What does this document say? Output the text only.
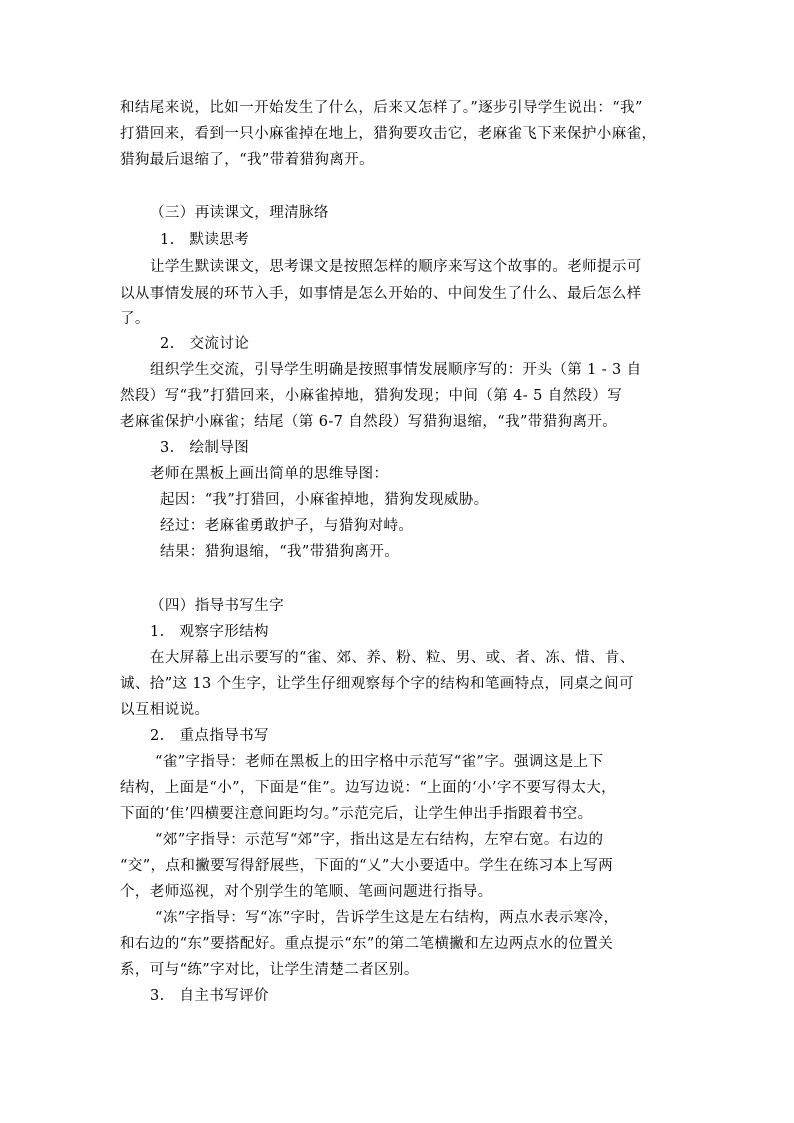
和结尾来说，比如一开始发生了什么，后来又怎样了。”逐步引导学生说出：“我”
打猎回来，看到一只小麻雀掉在地上，猎狗要攻击它，老麻雀飞下来保护小麻雀，
猎狗最后退缩了，“我”带着猎狗离开。
（三）再读课文，理清脉络
1.　默读思考
让学生默读课文，思考课文是按照怎样的顺序来写这个故事的。老师提示可
以从事情发展的环节入手，如事情是怎么开始的、中间发生了什么、最后怎么样
了。
2.　交流讨论
组织学生交流，引导学生明确是按照事情发展顺序写的：开头（第 1 - 3 自
然段）写“我”打猎回来，小麻雀掉地，猎狗发现；中间（第 4- 5 自然段）写
老麻雀保护小麻雀；结尾（第 6-7 自然段）写猎狗退缩，“我”带猎狗离开。
3.　绘制导图
老师在黑板上画出简单的思维导图：
起因：“我”打猎回，小麻雀掉地，猎狗发现威胁。
经过：老麻雀勇敢护子，与猎狗对峙。
结果：猎狗退缩，“我”带猎狗离开。
（四）指导书写生字
1.　观察字形结构
在大屏幕上出示要写的“雀、郊、养、粉、粒、男、或、者、冻、惜、肯、
诚、拾”这 13 个生字，让学生仔细观察每个字的结构和笔画特点，同桌之间可
以互相说说。
2.　重点指导书写
“雀”字指导：老师在黑板上的田字格中示范写“雀”字。强调这是上下
结构，上面是“小”，下面是“隹”。边写边说：“上面的‘小’字不要写得太大，
下面的‘隹’四横要注意间距均匀。”示范完后，让学生伸出手指跟着书空。
“郊”字指导：示范写“郊”字，指出这是左右结构，左窄右宽。右边的
“交”，点和撇要写得舒展些，下面的“乂”大小要适中。学生在练习本上写两
个，老师巡视，对个别学生的笔顺、笔画问题进行指导。
“冻”字指导：写“冻”字时，告诉学生这是左右结构，两点水表示寒冷，
和右边的“东”要搭配好。重点提示“东”的第二笔横撇和左边两点水的位置关
系，可与“练”字对比，让学生清楚二者区别。
3.　自主书写评价
